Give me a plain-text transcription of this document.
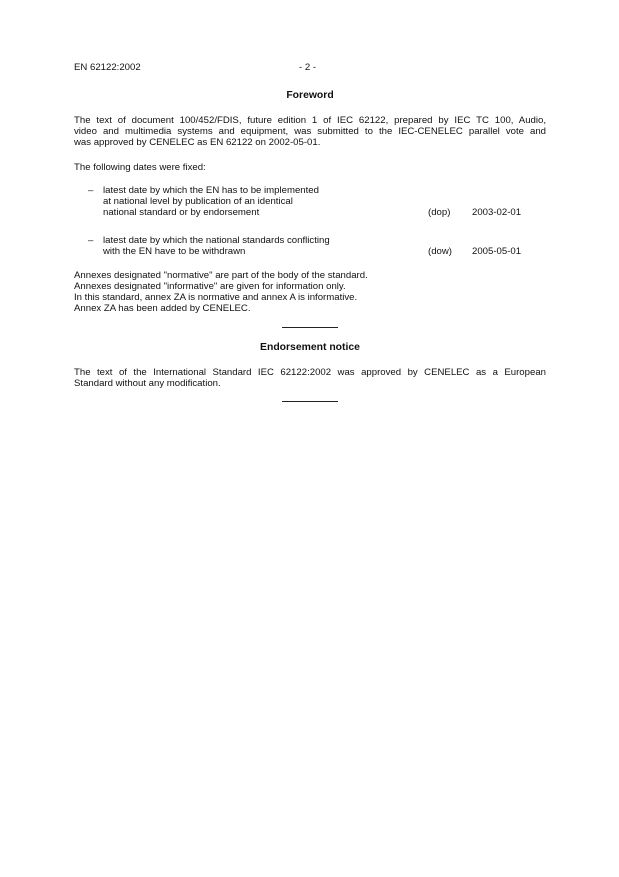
EN 62122:2002	- 2 -
Foreword
The text of document 100/452/FDIS, future edition 1 of IEC 62122, prepared by IEC TC 100, Audio,
video and multimedia systems and equipment, was submitted to the IEC-CENELEC parallel vote and
was approved by CENELEC as EN 62122 on 2002-05-01.
The following dates were fixed:
– latest date by which the EN has to be implemented
at national level by publication of an identical
national standard or by endorsement	(dop) 2003-02-01
– latest date by which the national standards conflicting
with the EN have to be withdrawn	(dow) 2005-05-01
Annexes designated "normative" are part of the body of the standard.
Annexes designated "informative" are given for information only.
In this standard, annex ZA is normative and annex A is informative.
Annex ZA has been added by CENELEC.
Endorsement notice
The text of the International Standard IEC 62122:2002 was approved by CENELEC as a European
Standard without any modification.
